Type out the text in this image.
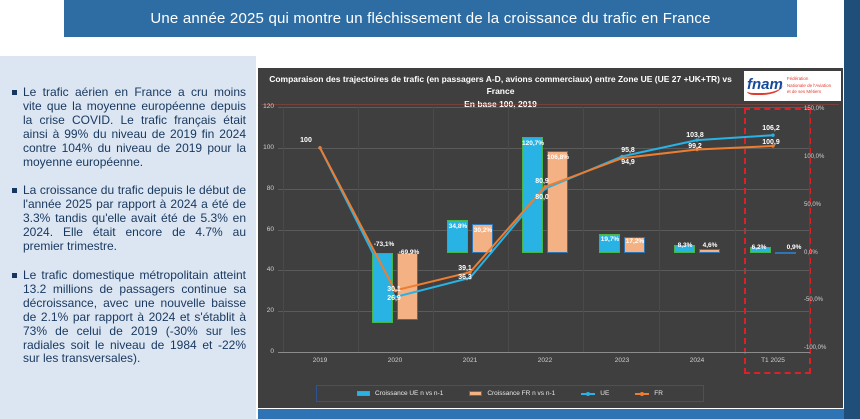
Une année 2025 qui montre un fléchissement de la croissance du trafic en France

Le trafic aérien en France a cru moins vite que la moyenne européenne depuis la crise COVID. Le trafic français était ainsi à 99% du niveau de 2019 fin 2024 contre 104% du niveau de 2019 pour la moyenne européenne.

La croissance du trafic depuis le début de l'année 2025 par rapport à 2024 a été de 3.3% tandis qu'elle avait été de 5.3% en 2024. Elle était encore de 4.7% au premier trimestre.

Le trafic domestique métropolitain atteint 13.2 millions de passagers continue sa décroissance, avec une nouvelle baisse de 2.1% par rapport à 2024 et s'établit à 73% de celui de 2019 (-30% sur les radiales soit le niveau de 1984 et -22% sur les transversales).

Comparaison des trajectoires de trafic (en passagers A-D, avions commerciaux) entre Zone UE (UE 27 +UK+TR) vs France	fnam Fédération
Nationale de l'Aviation
et de ses Métiers
Croissance UE n vs n-1	Croissance FR n vs n-1	UE	FR
120
100
80
60
40
20
0
150,0%
100,0%
50,0%
0,0%
-50,0%
-100,0%
2019	2020	2021	2022	2023	2024	T1 2025
-73,1%
34,8%
120,7%
19,7%
8,3%	6,2%
-69,9%
30,2%
106,8%
17,2%
4,6%	0,9%
100
26,9
36,3
80,0
95,8
103,8
106,2
30,1
39,1
80,9
94,9
99,2
100,9
